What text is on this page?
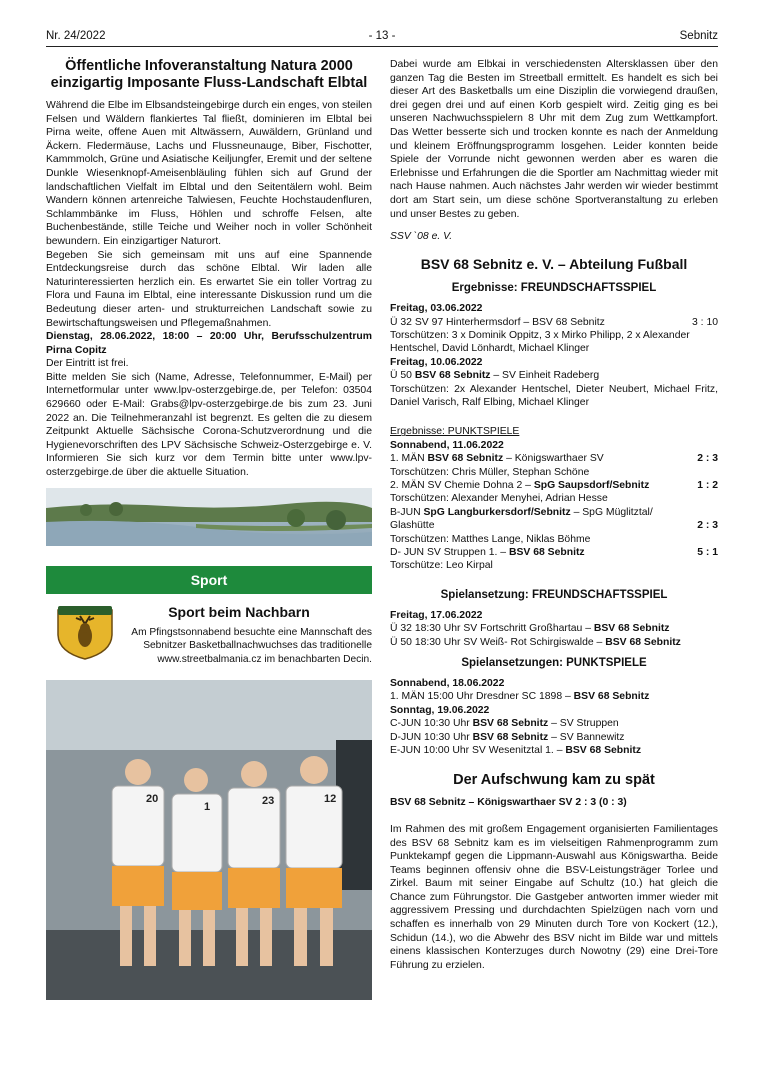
Nr. 24/2022	- 13 -	Sebnitz
Öffentliche Infoveranstaltung Natura 2000 einzigartig Imposante Fluss-Landschaft Elbtal

Während die Elbe im Elbsandsteingebirge durch ein enges, von steilen Felsen und Wäldern flankiertes Tal fließt, dominieren im Elbtal bei Pirna weite, offene Auen mit Altwässern, Auwäldern, Grünland und Äckern. Fledermäuse, Lachs und Flussneunauge, Biber, Fischotter, Kammmolch, Grüne und Asiatische Keiljungfer, Eremit und der seltene Dunkle Wiesenknopf-Ameisenbläuling fühlen sich auf Grund der landschaftlichen Vielfalt im Elbtal und den Seitentälern wohl. Beim Wandern können artenreiche Talwiesen, Feuchte Hochstaudenfluren, Schlammbänke im Fluss, Höhlen und schroffe Felsen, alte Buchenbestände, stille Teiche und Weiher noch in voller Schönheit bewundern. Ein einzigartiger Naturort.

Begeben Sie sich gemeinsam mit uns auf eine Spannende Entdeckungsreise durch das schöne Elbtal. Wir laden alle Naturinteressierten herzlich ein. Es erwartet Sie ein toller Vortrag zu Flora und Fauna im Elbtal, eine interessante Diskussion rund um die Bedeutung dieser arten- und strukturreichen Landschaft sowie zu Bewirtschaftungsweisen und Pflegemaßnahmen.

Dienstag, 28.06.2022, 18:00 – 20:00 Uhr, Berufsschulzentrum Pirna Copitz

Der Eintritt ist frei.

Bitte melden Sie sich (Name, Adresse, Telefonnummer, E-Mail) per Internetformular unter www.lpv-osterzgebirge.de, per Telefon: 03504 629660 oder E-Mail: Grabs@lpv-osterzgebirge.de bis zum 23. Juni 2022 an. Die Teilnehmeranzahl ist begrenzt. Es gelten die zu diesem Zeitpunkt Aktuelle Sächsische Corona-Schutzverordnung und die Hygienevorschriften des LPV Sächsische Schweiz-Osterzgebirge e. V. Informieren Sie sich kurz vor dem Termin bitte unter www.lpv-osterzgebirge.de über die aktuelle Situation.

Sport
Sport beim Nachbarn

Am Pfingstsonnabend besuchte eine Mannschaft des Sebnitzer Basketballnachwuchses das traditionelle www.streetbalmania.cz im benachbarten Decin.

20
1	23	12

Dabei wurde am Elbkai in verschiedensten Altersklassen über den ganzen Tag die Besten im Streetball ermittelt. Es handelt es sich bei dieser Art des Basketballs um eine Disziplin die vorwiegend draußen, drei gegen drei und auf einen Korb gespielt wird. Zeitig ging es bei unseren Nachwuchsspielern 8 Uhr mit dem Zug zum Wettkampfort. Das Wetter besserte sich und trocken konnte es nach der Anmeldung und kleinem Eröffnungsprogramm losgehen. Leider konnten beide Spiele der Vorrunde nicht gewonnen werden aber es waren die Erlebnisse und Erfahrungen die die Sportler am Nachmittag wieder mit nach Hause nahmen. Auch nächstes Jahr werden wir wieder bestimmt dort am Start sein, um diese schöne Sportveranstaltung zu erleben und unser Bestes zu geben.

SSV `08 e. V.
BSV 68 Sebnitz e. V. – Abteilung Fußball
Ergebnisse: FREUNDSCHAFTSSPIEL
Freitag, 03.06.2022
Ü 32 SV 97 Hinterhermsdorf – BSV 68 Sebnitz	3 : 10
Torschützen: 3 x Dominik Oppitz, 3 x Mirko Philipp, 2 x Alexander Hentschel, David Lönhardt, Michael Klinger
Freitag, 10.06.2022
Ü 50 BSV 68 Sebnitz – SV Einheit Radeberg
Torschützen: 2x Alexander Hentschel, Dieter Neubert, Michael Fritz, Daniel Varisch, Ralf Elbing, Michael Klinger
Ergebnisse: PUNKTSPIELE
Sonnabend, 11.06.2022
1. MÄN BSV 68 Sebnitz – Königswarthaer SV	2 : 3
Torschützen: Chris Müller, Stephan Schöne
2. MÄN SV Chemie Dohna 2 – SpG Saupsdorf/Sebnitz	1 : 2
Torschützen: Alexander Menyhei, Adrian Hesse
B-JUN SpG Langburkersdorf/Sebnitz – SpG Müglitztal/ Glashütte	2 : 3
Torschützen: Matthes Lange, Niklas Böhme
D- JUN SV Struppen 1. – BSV 68 Sebnitz	5 : 1
Torschütze: Leo Kirpal
Spielansetzung: FREUNDSCHAFTSSPIEL
Freitag, 17.06.2022
Ü 32 18:30 Uhr SV Fortschritt Großhartau – BSV 68 Sebnitz
Ü 50 18:30 Uhr SV Weiß- Rot Schirgiswalde – BSV 68 Sebnitz
Spielansetzungen: PUNKTSPIELE
Sonnabend, 18.06.2022
1. MÄN 15:00 Uhr Dresdner SC 1898 – BSV 68 Sebnitz
Sonntag, 19.06.2022
C-JUN 10:30 Uhr BSV 68 Sebnitz – SV Struppen
D-JUN 10:30 Uhr BSV 68 Sebnitz – SV Bannewitz
E-JUN 10:00 Uhr SV Wesenitztal 1. – BSV 68 Sebnitz
Der Aufschwung kam zu spät
BSV 68 Sebnitz – Königswarthaer SV 2 : 3 (0 : 3)

Im Rahmen des mit großem Engagement organisierten Familientages des BSV 68 Sebnitz kam es im vielseitigen Rahmenprogramm zum Punktekampf gegen die Lippmann-Auswahl aus Königswartha. Beide Teams beginnen offensiv ohne die BSV-Leistungsträger Torlee und Zirkel. Baum mit seiner Eingabe auf Schultz (10.) hat gleich die Chance zum Führungstor. Die Gastgeber antworten immer wieder mit aggressivem Pressing und durchdachten Spielzügen nach vorn und schaffen es innerhalb von 29 Minuten durch Tore von Kockert (12.), Schidun (14.), wo die Abwehr des BSV nicht im Bilde war und mittels einens klassischen Konterzuges durch Nowotny (29) eine Drei-Tore Führung zu erzielen.
